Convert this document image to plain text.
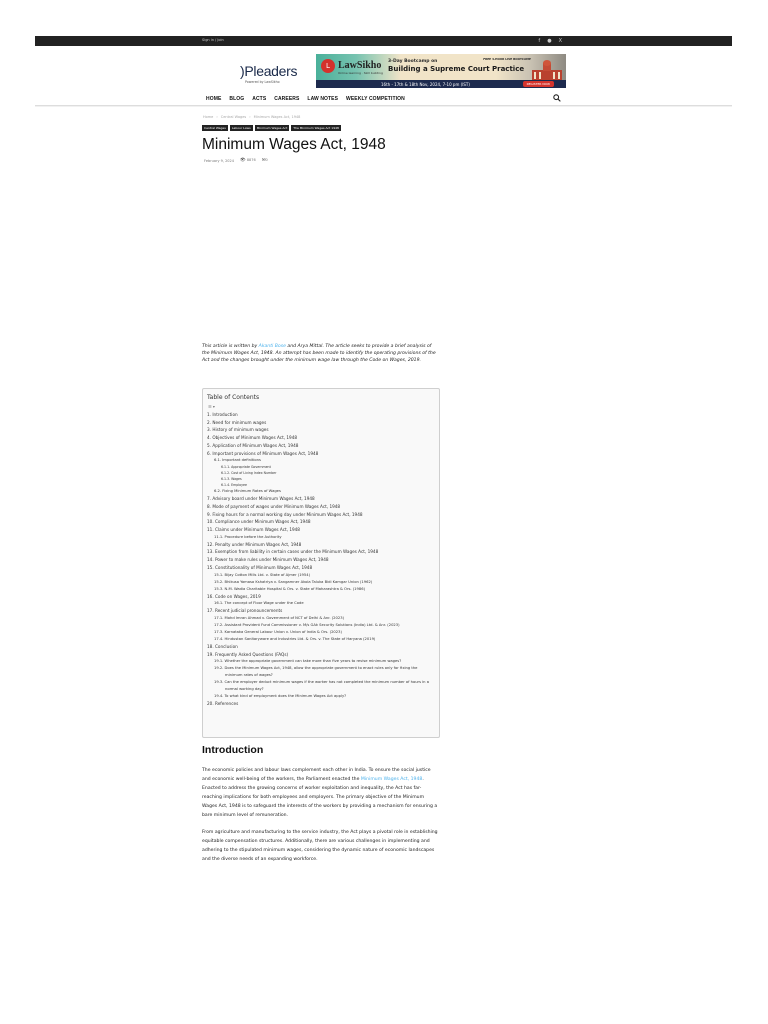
Sign in / Join	f ● X
)Pleaders
Powered by LawSikho
L LawSikho
Online learning · Skill building
FREE 4-HOUR LIVE BOOTCAMP
3-Day Bootcamp on
Building a Supreme Court Practice
16th - 17th & 18th Nov, 2024, 7-10 pm (IST)	REGISTER NOW
HOME BLOG ACTS CAREERS LAW NOTES WEEKLY COMPETITION
Home › Central Wages › Minimum Wages Act, 1948
Central Wages	Labour Laws	Minimum Wages Act	The Minimum Wages Act 1948
Minimum Wages Act, 1948
February 9, 2024 👁 8876 ✉0

This article is written by Akanti Bose and Arya Mittal. The article seeks to provide a brief analysis of the Minimum Wages Act, 1948. An attempt has been made to identify the operating provisions of the Act and the changes brought under the minimum wage law through the Code on Wages, 2019.

Table of Contents
☰ ▾
1. Introduction
2. Need for minimum wages
3. History of minimum wages
4. Objectives of Minimum Wages Act, 1948
5. Application of Minimum Wages Act, 1948
6. Important provisions of Minimum Wages Act, 1948
6.1. Important definitions
6.1.1. Appropriate Government
6.1.2. Cost of Living Index Number
6.1.3. Wages
6.1.4. Employee
6.2. Fixing Minimum Rates of Wages
7. Advisory board under Minimum Wages Act, 1948
8. Mode of payment of wages under Minimum Wages Act, 1948
9. Fixing hours for a normal working day under Minimum Wages Act, 1948
10. Compliance under Minimum Wages Act, 1948
11. Claims under Minimum Wages Act, 1948
11.1. Procedure before the Authority
12. Penalty under Minimum Wages Act, 1948
13. Exemption from liability in certain cases under the Minimum Wages Act, 1948
14. Power to make rules under Minimum Wages Act, 1948
15. Constitutionality of Minimum Wages Act, 1948
15.1. Bijay Cotton Mills Ltd. v. State of Ajmer (1954)
15.2. Bhikusa Yamasa Kshatriya v. Sangamner Akola Taluka Bidi Kamgar Union (1962)
15.3. N.M. Wadia Charitable Hospital & Ors. v. State of Maharashtra & Ors. (1986)
16. Code on Wages, 2019
16.1. The concept of Floor Wage under the Code
17. Recent judicial pronouncements
17.1. Mohd Imran Ahmad v. Government of NCT of Delhi & Anr. (2023)
17.2. Assistant Provident Fund Commissioner v. M/s GAk Security Solutions (India) Ltd. & Anr. (2023)
17.3. Karnataka General Labour Union v. Union of India & Ors. (2023)
17.4. Hindustan Sanitaryware and Industries Ltd. & Ors. v. The State of Haryana (2019)
18. Conclusion
19. Frequently Asked Questions (FAQs)
19.1. Whether the appropriate government can take more than five years to revise minimum wages?
19.2. Does the Minimum Wages Act, 1948, allow the appropriate government to enact rules only for fixing the minimum rates of wages?
19.3. Can the employer deduct minimum wages if the worker has not completed the minimum number of hours in a normal working day?
19.4. To what kind of employment does the Minimum Wages Act apply?
20. References
Introduction

The economic policies and labour laws complement each other in India. To ensure the social justice and economic well-being of the workers, the Parliament enacted the Minimum Wages Act, 1948. Enacted to address the growing concerns of worker exploitation and inequality, the Act has far-reaching implications for both employees and employers. The primary objective of the Minimum Wages Act, 1948 is to safeguard the interests of the workers by providing a mechanism for ensuring a bare minimum level of remuneration.

From agriculture and manufacturing to the service industry, the Act plays a pivotal role in establishing equitable compensation structures. Additionally, there are various challenges in implementing and adhering to the stipulated minimum wages, considering the dynamic nature of economic landscapes and the diverse needs of an expanding workforce.
